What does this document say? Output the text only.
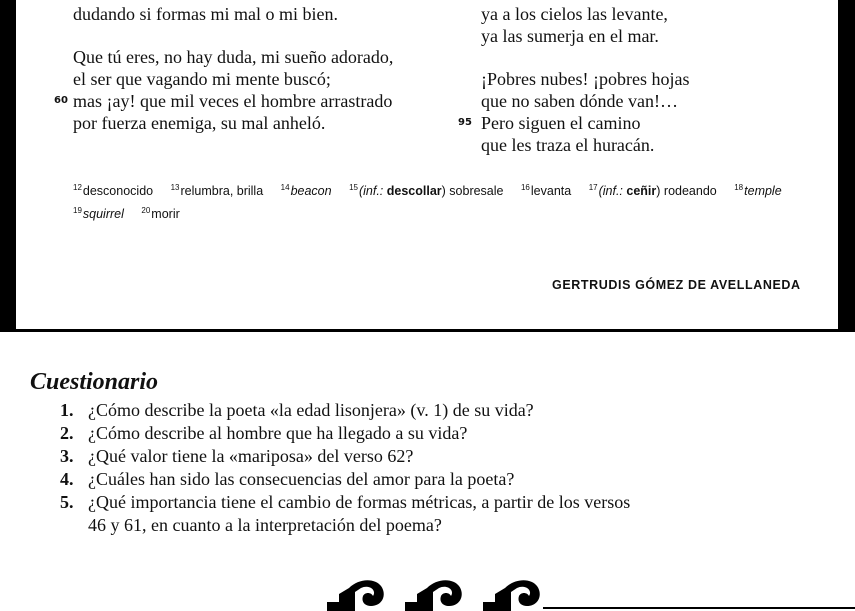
dudando si formas mi mal o mi bien.
Que tú eres, no hay duda, mi sueño adorado,
el ser que vagando mi mente buscó;
mas ¡ay! que mil veces el hombre arrastrado
por fuerza enemiga, su mal anheló.
ya a los cielos las levante,
ya las sumerja en el mar.
¡Pobres nubes! ¡pobres hojas
que no saben dónde van!…
Pero siguen el camino
que les traza el huracán.
60
95
$^{12}$desconocido $^{13}$relumbra, brilla $^{14}$beacon $^{15}$(inf.: descollar) sobresale $^{16}$levanta $^{17}$(inf.: ceñir) rodeando $^{18}$temple
$^{19}$squirrel $^{20}$morir
GERTRUDIS GÓMEZ DE AVELLANEDA
Cuestionario
1. ¿Cómo describe la poeta «la edad lisonjera» (v. 1) de su vida?
2. ¿Cómo describe al hombre que ha llegado a su vida?
3. ¿Qué valor tiene la «mariposa» del verso 62?
4. ¿Cuáles han sido las consecuencias del amor para la poeta?
5. ¿Qué importancia tiene el cambio de formas métricas, a partir de los versos
46 y 61, en cuanto a la interpretación del poema?
